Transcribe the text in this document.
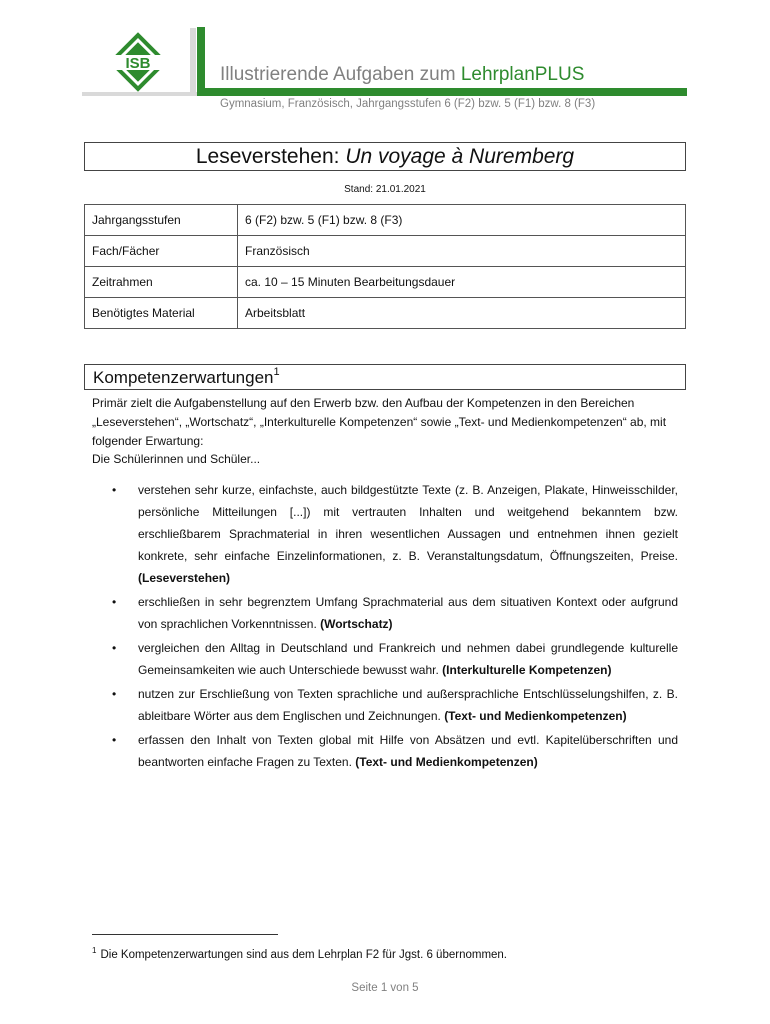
ISB
Illustrierende Aufgaben zum LehrplanPLUS
Gymnasium, Französisch, Jahrgangsstufen 6 (F2) bzw. 5 (F1) bzw. 8 (F3)
Leseverstehen: Un voyage à Nuremberg
Stand: 21.01.2021
Jahrgangsstufen	6 (F2) bzw. 5 (F1) bzw. 8 (F3)
Fach/Fächer	Französisch
Zeitrahmen	ca. 10 – 15 Minuten Bearbeitungsdauer
Benötigtes Material	Arbeitsblatt
Kompetenzerwartungen$^1$
Primär zielt die Aufgabenstellung auf den Erwerb bzw. den Aufbau der Kompetenzen in den Bereichen „Leseverstehen“, „Wortschatz“, „Interkulturelle Kompetenzen“ sowie „Text- und Medienkompetenzen“ ab, mit folgender Erwartung:
Die Schülerinnen und Schüler...
• verstehen sehr kurze, einfachste, auch bildgestützte Texte (z. B. Anzeigen, Plakate, Hinweisschilder, persönliche Mitteilungen [...]) mit vertrauten Inhalten und weitgehend bekanntem bzw. erschließbarem Sprachmaterial in ihren wesentlichen Aussagen und entnehmen ihnen gezielt konkrete, sehr einfache Einzelinformationen, z. B. Veranstaltungsdatum, Öffnungszeiten, Preise. (Leseverstehen)
• erschließen in sehr begrenztem Umfang Sprachmaterial aus dem situativen Kontext oder aufgrund von sprachlichen Vorkenntnissen. (Wortschatz)
• vergleichen den Alltag in Deutschland und Frankreich und nehmen dabei grundlegende kulturelle Gemeinsamkeiten wie auch Unterschiede bewusst wahr. (Interkulturelle Kompetenzen)
• nutzen zur Erschließung von Texten sprachliche und außersprachliche Entschlüsselungshilfen, z. B. ableitbare Wörter aus dem Englischen und Zeichnungen. (Text- und Medienkompetenzen)
• erfassen den Inhalt von Texten global mit Hilfe von Absätzen und evtl. Kapitelüberschriften und beantworten einfache Fragen zu Texten. (Text- und Medienkompetenzen)
$^1$ Die Kompetenzerwartungen sind aus dem Lehrplan F2 für Jgst. 6 übernommen.
Seite 1 von 5
